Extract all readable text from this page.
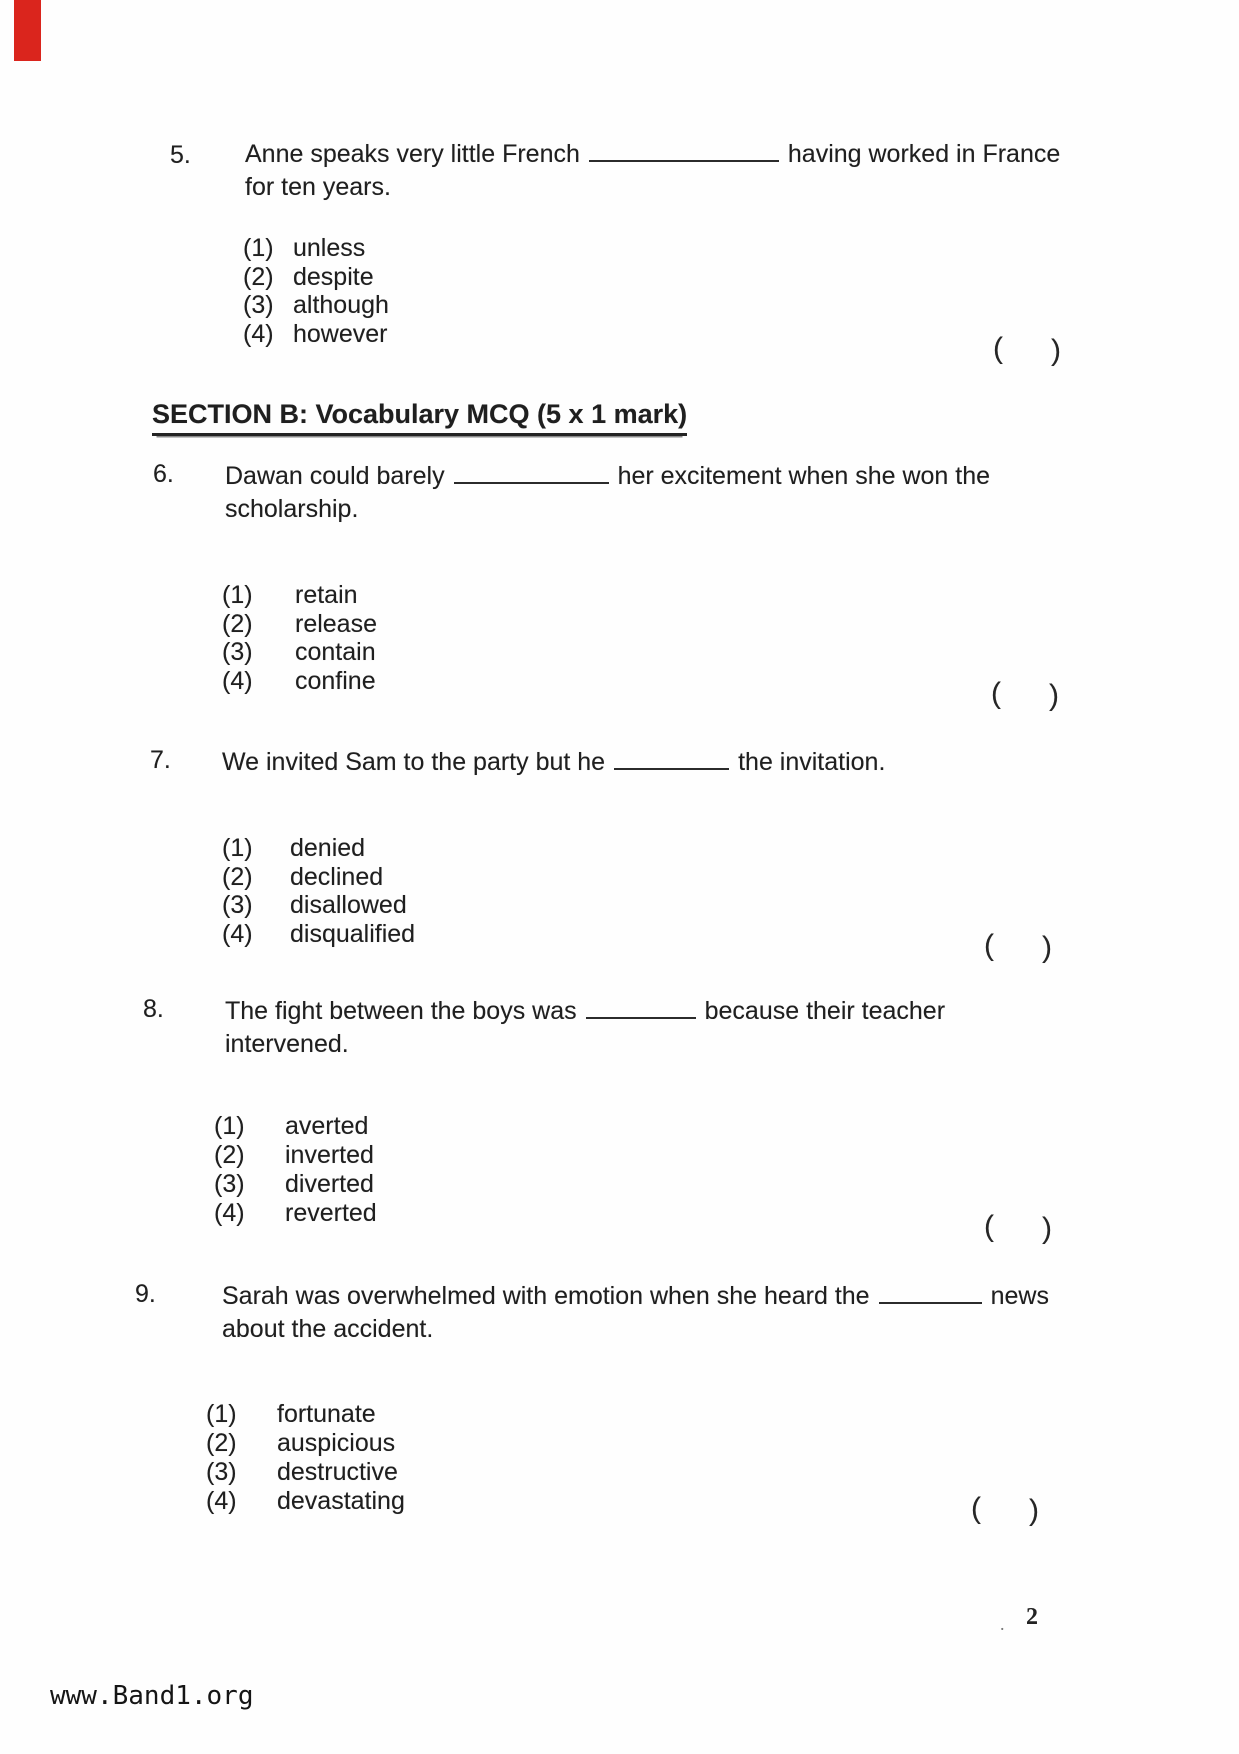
5. Anne speaks very little French	having worked in France
for ten years.
(1) unless
(2) despite
(3) although
(4) however	( )
SECTION B: Vocabulary MCQ (5 x 1 mark)
6. Dawan could barely	her excitement when she won the
scholarship.
(1)	retain
(2)	release
(3)	contain
(4)	confine	( )
7. We invited Sam to the party but he	the invitation.
(1)	denied
(2)	declined
(3)	disallowed
(4)	disqualified	( )
8. The fight between the boys was	because their teacher
intervened.
(1)	averted
(2)	inverted
(3)	diverted
(4)	reverted	( )
9.	Sarah was overwhelmed with emotion when she heard the	news
about the accident.
(1)	fortunate
(2)	auspicious
(3)	destructive
(4)	devastating	( )
. 2
www.Band1.org
